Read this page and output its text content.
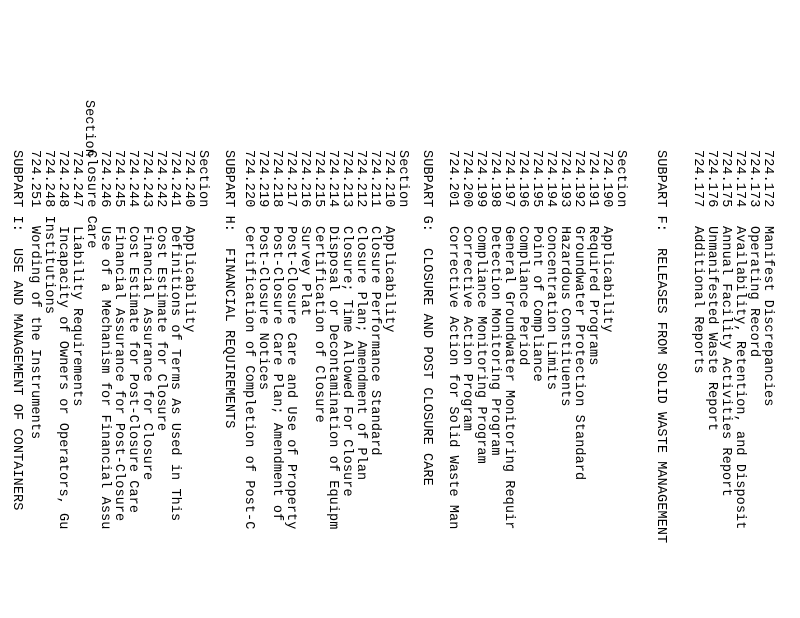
724.172Manifest Discrepancies
724.173Operating Record
724.174Availability, Retention, and Disposit
724.175Annual Facility Activities Report
724.176Unmanifested Waste Report
724.177Additional Reports
SUBPART F:RELEASES FROM SOLID WASTE MANAGEMENT
Section
724.190Applicability
724.191Required Programs
724.192Groundwater Protection Standard
724.193Hazardous Constituents
724.194Concentration Limits
724.195Point of Compliance
724.196Compliance Period
724.197General Groundwater Monitoring Requir
724.198Detection Monitoring Program
724.199Compliance Monitoring Program
724.200Corrective Action Program
724.201Corrective Action for Solid Waste Man
SUBPART G:CLOSURE AND POST CLOSURE CARE
Section
724.210Applicability
724.211Closure Performance Standard
724.212Closure Plan; Amendment of Plan
724.213Closure; Time Allowed For Closure
724.214Disposal or Decontamination of Equipm
724.215Certification of Closure
724.216Survey Plat
724.217Post-Closure Care and Use of Property
724.218Post-Closure Care Plan; Amendment of
724.219Post-Closure Notices
724.220Certification of Completion of Post-C
SUBPART H:FINANCIAL REQUIREMENTS
Section
724.240Applicability
724.241Definitions of Terms As Used in This
724.242Cost Estimate for Closure
724.243Financial Assurance for Closure
724.244Cost Estimate for Post-Closure Care
724.245Financial Assurance for Post-Closure
724.246Use of a Mechanism for Financial Assu
Closure Care
724.247Liability Requirements
724.248Incapacity of Owners or Operators, Gu
724.248 Institutions
724.251Wording of the Instruments
SUBPART I:USE AND MANAGEMENT OF CONTAINERS
Section
